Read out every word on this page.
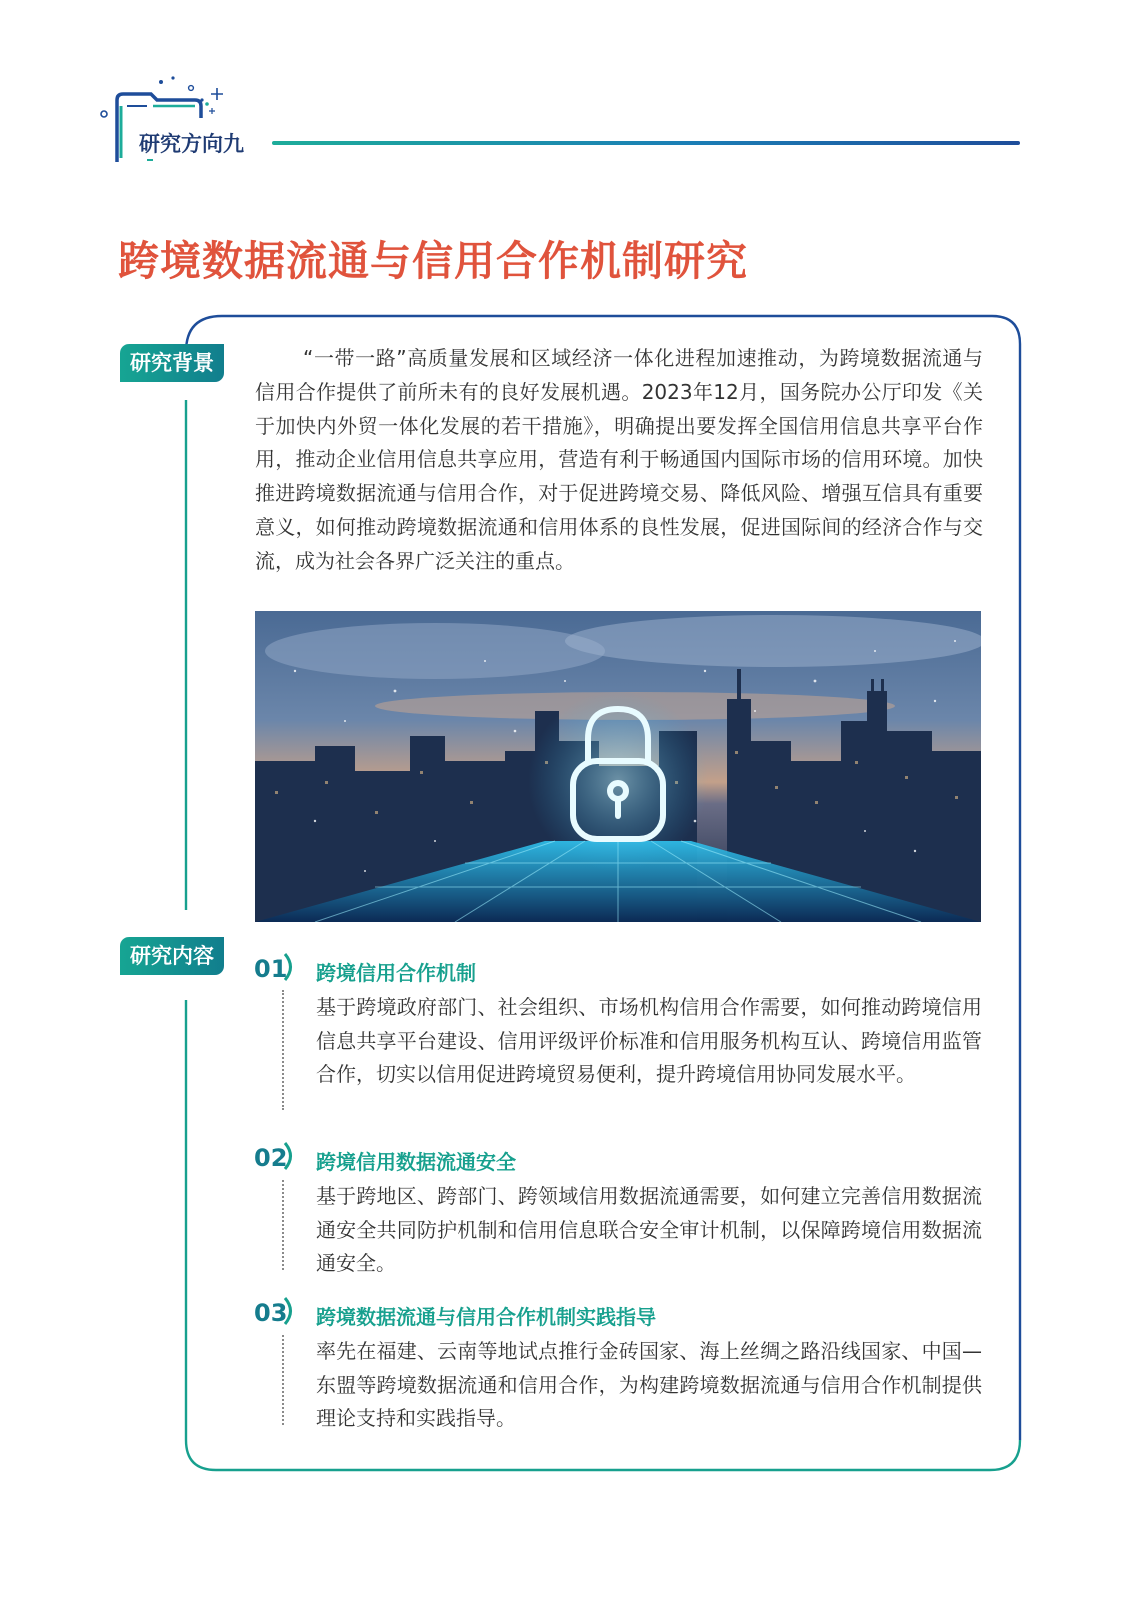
研究方向九
跨境数据流通与信用合作机制研究
研究背景	“一带一路”高质量发展和区域经济一体化进程加速推动，为跨境数据流通与信用合作提供了前所未有的良好发展机遇。2023年12月，国务院办公厅印发《关于加快内外贸一体化发展的若干措施》，明确提出要发挥全国信用信息共享平台作用，推动企业信用信息共享应用，营造有利于畅通国内国际市场的信用环境。加快推进跨境数据流通与信用合作，对于促进跨境交易、降低风险、增强互信具有重要意义，如何推动跨境数据流通和信用体系的良性发展，促进国际间的经济合作与交流，成为社会各界广泛关注的重点。

研究内容	01 跨境信用合作机制

基于跨境政府部门、社会组织、市场机构信用合作需要，如何推动跨境信用信息共享平台建设、信用评级评价标准和信用服务机构互认、跨境信用监管合作，切实以信用促进跨境贸易便利，提升跨境信用协同发展水平。

02 跨境信用数据流通安全

基于跨地区、跨部门、跨领域信用数据流通需要，如何建立完善信用数据流通安全共同防护机制和信用信息联合安全审计机制，以保障跨境信用数据流通安全。

03 跨境数据流通与信用合作机制实践指导

率先在福建、云南等地试点推行金砖国家、海上丝绸之路沿线国家、中国—东盟等跨境数据流通和信用合作，为构建跨境数据流通与信用合作机制提供理论支持和实践指导。
